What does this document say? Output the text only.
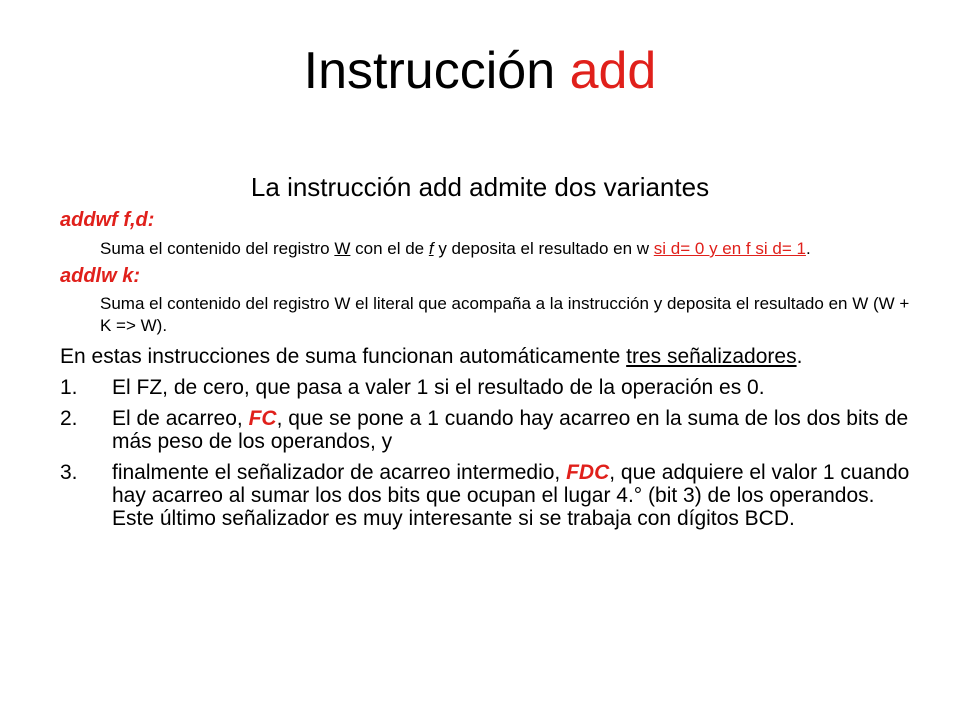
Instrucción add
La instrucción add admite dos variantes

addwf f,d:

Suma el contenido del registro W con el de f y deposita el resultado en w si d= 0 y en f si d= 1.

addlw k:

Suma el contenido del registro W el literal que acompaña a la instrucción y deposita el resultado en W (W + K => W).

En estas instrucciones de suma funcionan automáticamente tres señalizadores.

1. El FZ, de cero, que pasa a valer 1 si el resultado de la operación es 0.
2. El de acarreo, FC, que se pone a 1 cuando hay acarreo en la suma de los dos bits de más peso de los operandos, y
3. finalmente el señalizador de acarreo intermedio, FDC, que adquiere el valor 1 cuando hay acarreo al sumar los dos bits que ocupan el lugar 4.° (bit 3) de los operandos. Este último señalizador es muy interesante si se trabaja con dígitos BCD.
